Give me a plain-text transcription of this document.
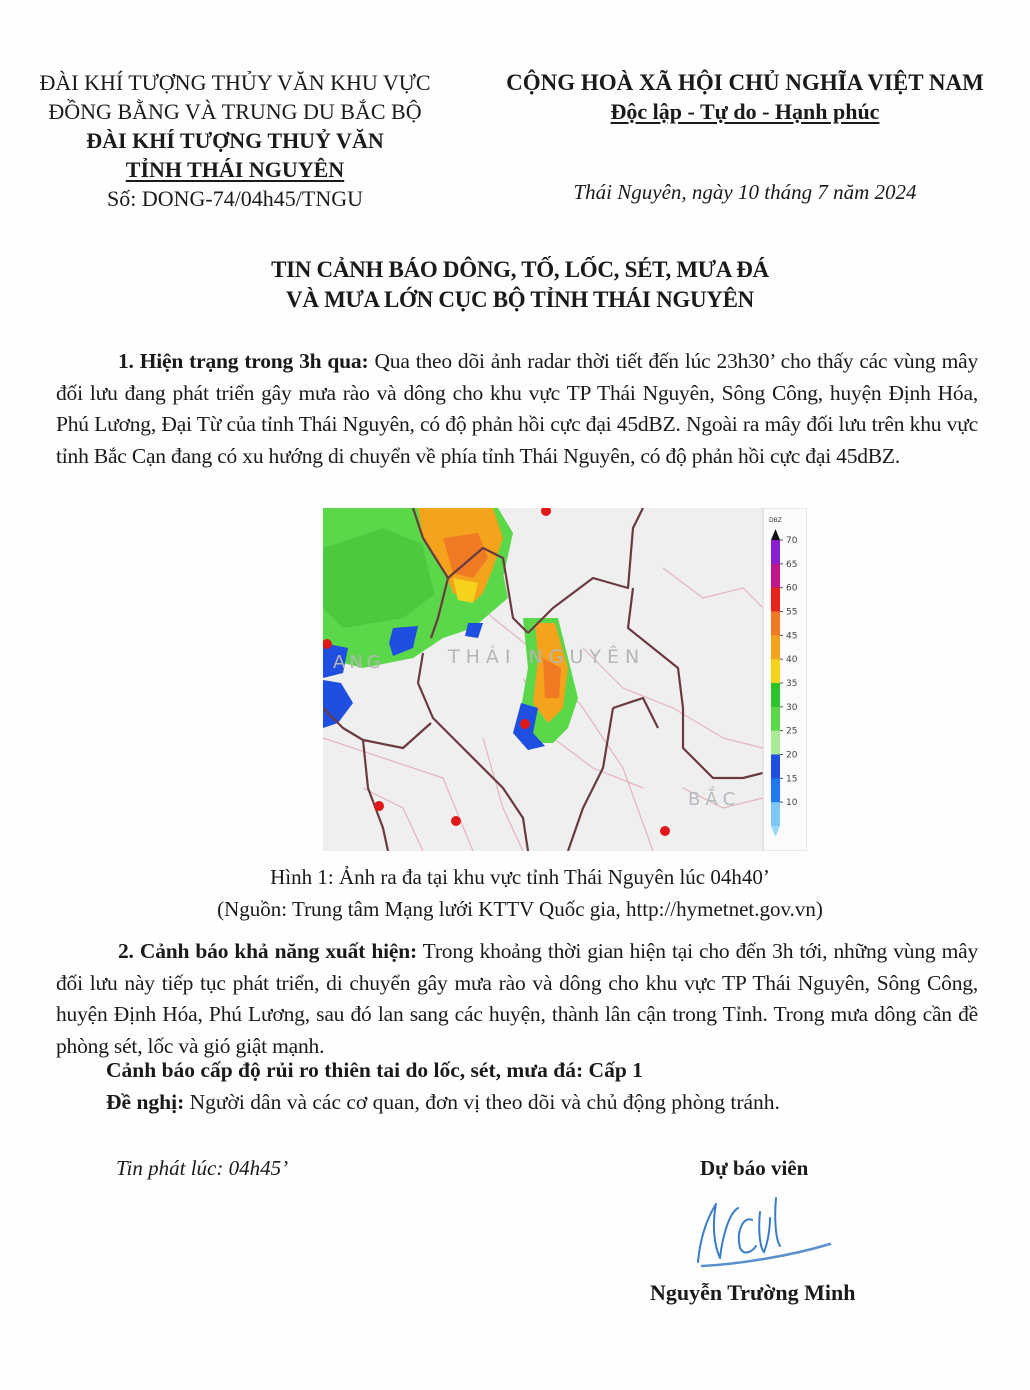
ĐÀI KHÍ TƯỢNG THỦY VĂN KHU VỰC
ĐỒNG BẰNG VÀ TRUNG DU BẮC BỘ
ĐÀI KHÍ TƯỢNG THUỶ VĂN
TỈNH THÁI NGUYÊN
Số: DONG-74/04h45/TNGU
CỘNG HOÀ XÃ HỘI CHỦ NGHĨA VIỆT NAM
Độc lập - Tự do - Hạnh phúc
Thái Nguyên, ngày 10 tháng 7 năm 2024
TIN CẢNH BÁO DÔNG, TỐ, LỐC, SÉT, MƯA ĐÁ
VÀ MƯA LỚN CỤC BỘ TỈNH THÁI NGUYÊN
1. Hiện trạng trong 3h qua: Qua theo dõi ảnh radar thời tiết đến lúc 23h30’ cho thấy các vùng mây đối lưu đang phát triển gây mưa rào và dông cho khu vực TP Thái Nguyên, Sông Công, huyện Định Hóa, Phú Lương, Đại Từ của tỉnh Thái Nguyên, có độ phản hồi cực đại 45dBZ. Ngoài ra mây đối lưu trên khu vực tỉnh Bắc Cạn đang có xu hướng di chuyển về phía tỉnh Thái Nguyên, có độ phản hồi cực đại 45dBZ.
THÁI NGUYÊN
BẮC
ANG
DBZ
70
65
60
55
45
40
35
30
25
20
15
10
Hình 1: Ảnh ra đa tại khu vực tỉnh Thái Nguyên lúc 04h40’
(Nguồn: Trung tâm Mạng lưới KTTV Quốc gia, http://hymetnet.gov.vn)
2. Cảnh báo khả năng xuất hiện: Trong khoảng thời gian hiện tại cho đến 3h tới, những vùng mây đối lưu này tiếp tục phát triển, di chuyển gây mưa rào và dông cho khu vực TP Thái Nguyên, Sông Công, huyện Định Hóa, Phú Lương, sau đó lan sang các huyện, thành lân cận trong Tỉnh. Trong mưa dông cần đề phòng sét, lốc và gió giật mạnh.
Cảnh báo cấp độ rủi ro thiên tai do lốc, sét, mưa đá: Cấp 1
Đề nghị: Người dân và các cơ quan, đơn vị theo dõi và chủ động phòng tránh.
Tin phát lúc: 04h45’	Dự báo viên
Nguyễn Trường Minh
